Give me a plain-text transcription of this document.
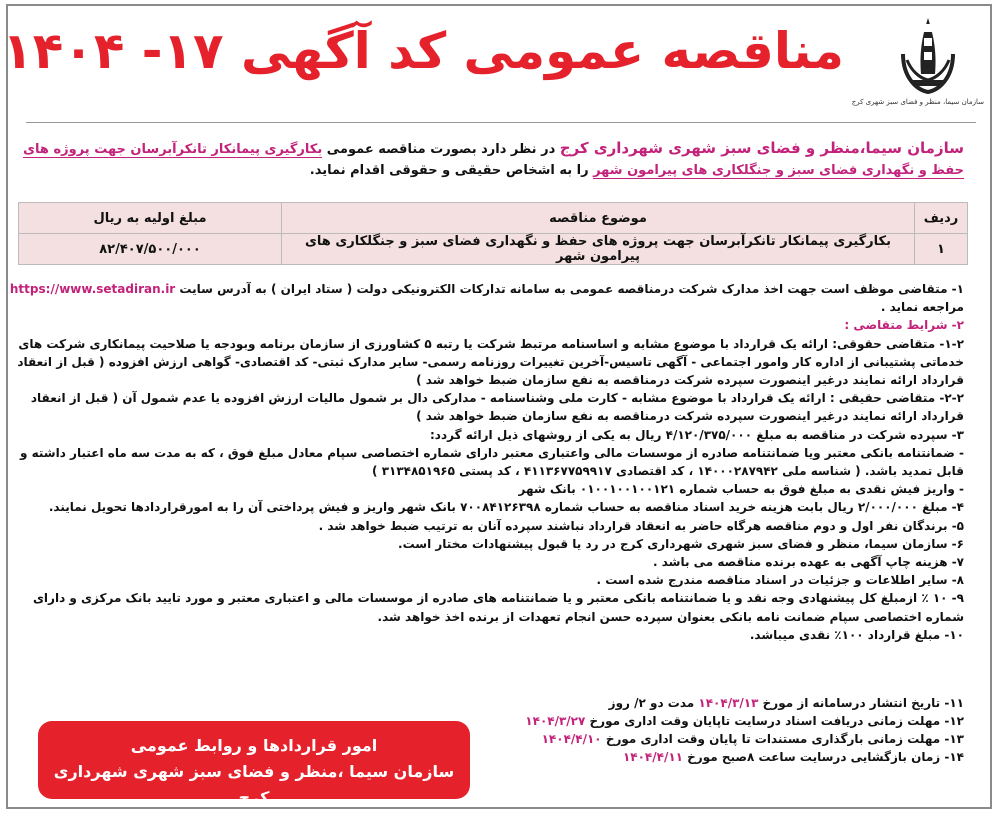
مناقصه عمومی کد آگهی ۱۷- ۱۴۰۴
سازمان سیما، منظر و فضای سبز شهری کرج
سازمان سیما،منظر و فضای سبز شهری شهرداری کرج در نظر دارد بصورت مناقصه عمومی بکارگیری پیمانکار تانکرآبرسان جهت پروژه های حفظ و نگهداری فضای سبز و جنگلکاری های پیرامون شهر را به اشخاص حقیقی و حقوقی اقدام نماید.
ردیف	موضوع مناقصه	مبلغ اولیه به ریال
۱	بکارگیری پیمانکار تانکرآبرسان جهت پروژه های حفظ و نگهداری فضای سبز و جنگلکاری های پیرامون شهر	۸۲/۴۰۷/۵۰۰/۰۰۰

۱- متقاضی موظف است جهت اخذ مدارک شرکت درمناقصه عمومی به سامانه تدارکات الکترونیکی دولت ( ستاد ایران ) به آدرس سایت https://www.setadiran.ir مراجعه نماید .

۲- شرایط متقاضی :

۱-۲- متقاضی حقوقی: ارائه یک قرارداد با موضوع مشابه و اساسنامه مرتبط شرکت یا رتبه ۵ کشاورزی از سازمان برنامه وبودجه یا صلاحیت پیمانکاری شرکت های خدماتی پشتیبانی از اداره کار وامور اجتماعی - آگهی تاسیس-آخرین تغییرات روزنامه رسمی- سایر مدارک ثبتی- کد اقتصادی- گواهی ارزش افزوده ( قبل از انعقاد قرارداد ارائه نمایند درغیر اینصورت سپرده شرکت درمناقصه به نفع سازمان ضبط خواهد شد )

۲-۲- متقاضی حقیقی : ارائه یک قرارداد با موضوع مشابه - کارت ملی وشناسنامه - مدارکی دال بر شمول مالیات ارزش افزوده یا عدم شمول آن ( قبل از انعقاد قرارداد ارائه نمایند درغیر اینصورت سپرده شرکت درمناقصه به نفع سازمان ضبط خواهد شد )

۳- سپرده شرکت در مناقصه به مبلغ ۴/۱۲۰/۳۷۵/۰۰۰ ریال به یکی از روشهای ذیل ارائه گردد:

- ضمانتنامه بانکی معتبر ویا ضمانتنامه صادره از موسسات مالی واعتباری معتبر دارای شماره اختصاصی سپام معادل مبلغ فوق ، که به مدت سه ماه اعتبار داشته و قابل تمدید باشد. ( شناسه ملی ۱۴۰۰۰۲۸۷۹۴۲ ، کد اقتصادی ۴۱۱۳۶۷۷۵۹۹۱۷ ، کد پستی ۳۱۳۴۸۵۱۹۶۵ )

- واریز فیش نقدی به مبلغ فوق به حساب شماره ۰۱۰۰۱۰۰۱۰۰۱۲۱ بانک شهر

۴- مبلغ ۲/۰۰۰/۰۰۰ ریال بابت هزینه خرید اسناد مناقصه به حساب شماره ۷۰۰۸۴۱۲۶۳۹۸ بانک شهر واریز و فیش پرداختی آن را به امورقراردادها تحویل نمایند.

۵- برندگان نفر اول و دوم مناقصه هرگاه حاضر به انعقاد قرارداد نباشند سپرده آنان به ترتیب ضبط خواهد شد .

۶- سازمان سیما، منظر و فضای سبز شهری شهرداری کرج در رد یا قبول پیشنهادات مختار است.

۷- هزینه چاپ آگهی به عهده برنده مناقصه می باشد .

۸- سایر اطلاعات و جزئیات در اسناد مناقصه مندرج شده است .

۹- ۱۰ ٪ ازمبلغ کل پیشنهادی وجه نقد و یا ضمانتنامه بانکی معتبر و یا ضمانتنامه های صادره از موسسات مالی و اعتباری معتبر و مورد تایید بانک مرکزی و دارای شماره اختصاصی سپام ضمانت نامه بانکی بعنوان سپرده حسن انجام تعهدات از برنده اخذ خواهد شد.

۱۰- مبلغ قرارداد ۱۰۰٪ نقدی میباشد.

۱۱- تاریخ انتشار درسامانه از مورخ ۱۴۰۴/۳/۱۳ مدت دو ۲/ روز

۱۲- مهلت زمانی دریافت اسناد درسایت تاپایان وقت اداری مورخ ۱۴۰۴/۳/۲۷

۱۳- مهلت زمانی بارگذاری مستندات تا پایان وقت اداری مورخ ۱۴۰۴/۴/۱۰

۱۴- زمان بازگشایی درسایت ساعت ۸صبح مورخ ۱۴۰۴/۴/۱۱

امور قراردادها و روابط عمومی
سازمان سیما ،منظر و فضای سبز شهری شهرداری کرج
